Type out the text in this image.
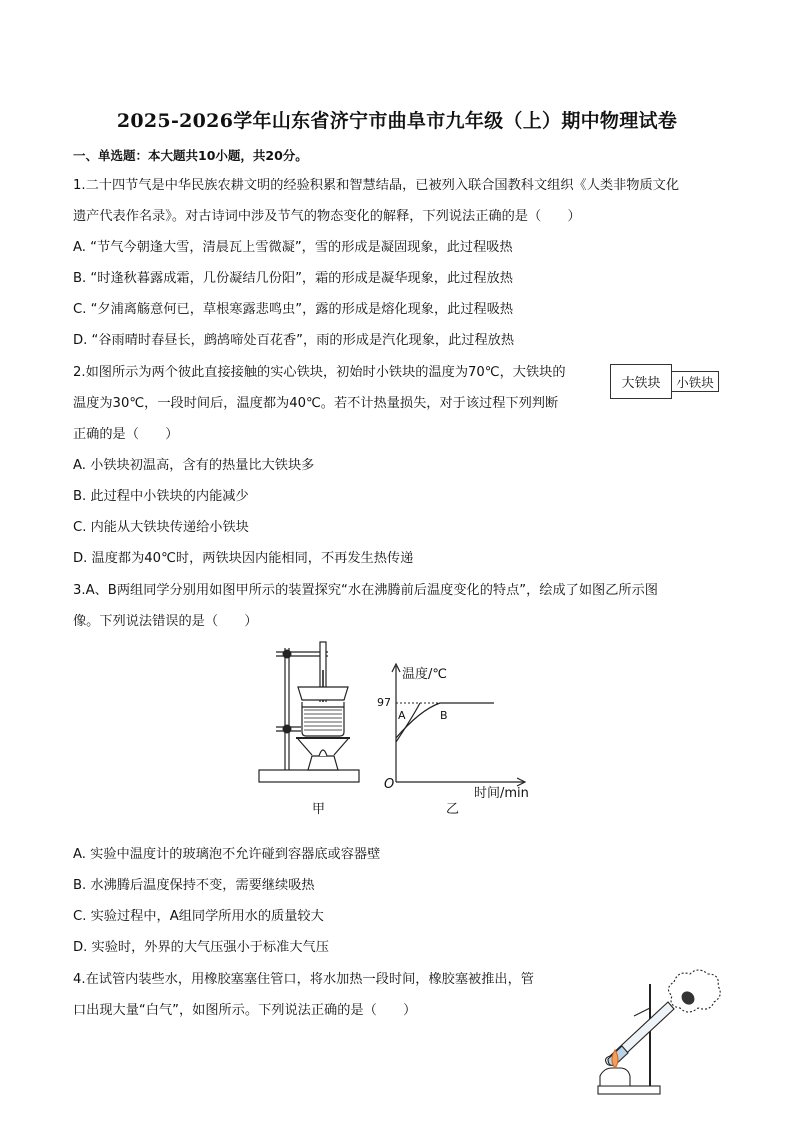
2025-2026学年山东省济宁市曲阜市九年级（上）期中物理试卷
一、单选题：本大题共10小题，共20分。
1.二十四节气是中华民族农耕文明的经验积累和智慧结晶，已被列入联合国教科文组织《人类非物质文化
遗产代表作名录》。对古诗词中涉及节气的物态变化的解释，下列说法正确的是（　　）
A. “节气今朝逢大雪，清晨瓦上雪微凝”，雪的形成是凝固现象，此过程吸热
B. “时逢秋暮露成霜，几份凝结几份阳”，霜的形成是凝华现象，此过程放热
C. “夕浦离觞意何已，草根寒露悲鸣虫”，露的形成是熔化现象，此过程吸热
D. “谷雨晴时春昼长，鹧鸪啼处百花香”，雨的形成是汽化现象，此过程放热
2.如图所示为两个彼此直接接触的实心铁块，初始时小铁块的温度为70℃，大铁块的
温度为30℃，一段时间后，温度都为40℃。若不计热量损失，对于该过程下列判断
正确的是（　　）
大铁块	小铁块
A. 小铁块初温高，含有的热量比大铁块多
B. 此过程中小铁块的内能减少
C. 内能从大铁块传递给小铁块
D. 温度都为40℃时，两铁块因内能相同，不再发生热传递
3.A、B两组同学分别用如图甲所示的装置探究“水在沸腾前后温度变化的特点”，绘成了如图乙所示图
像。下列说法错误的是（　　）
甲
温度/℃
97
A	B
O
时间/min
乙
A. 实验中温度计的玻璃泡不允许碰到容器底或容器壁
B. 水沸腾后温度保持不变，需要继续吸热
C. 实验过程中，A组同学所用水的质量较大
D. 实验时，外界的大气压强小于标准大气压
4.在试管内装些水，用橡胶塞塞住管口，将水加热一段时间，橡胶塞被推出，管
口出现大量“白气”，如图所示。下列说法正确的是（　　）
